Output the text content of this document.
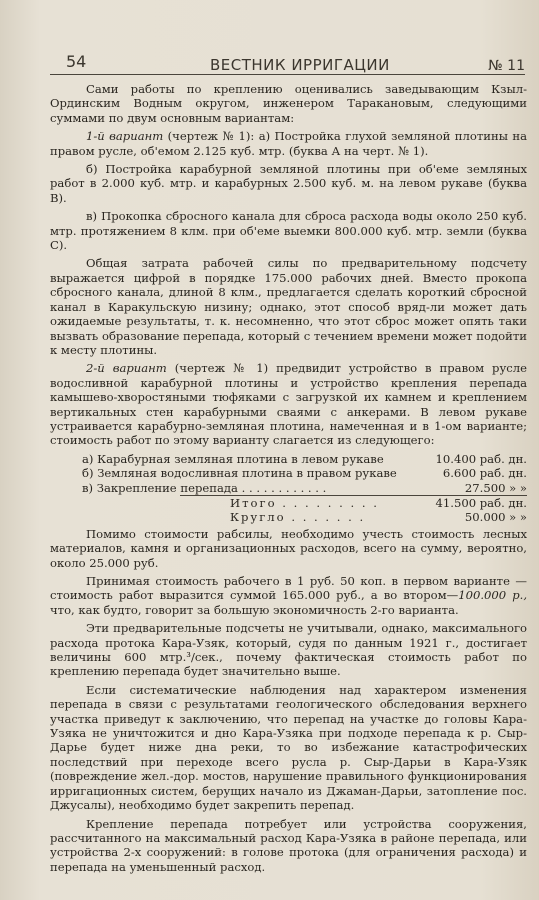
54	ВЕСТНИК ИРРИГАЦИИ	№ 11

Сами работы по креплению оценивались заведывающим Кзыл-Ординским Водным округом, инженером Таракановым, следующими суммами по двум основным вариантам:

1-й вариант (чертеж № 1): а) Постройка глухой земляной плотины на правом русле, об'емом 2.125 куб. мтр. (буква А на черт. № 1).

б) Постройка карабурной земляной плотины при об'еме земляных работ в 2.000 куб. мтр. и карабурных 2.500 куб. м. на левом рукаве (буква В).

в) Прокопка сбросного канала для сброса расхода воды около 250 куб. мтр. протяжением 8 клм. при об'еме выемки 800.000 куб. мтр. земли (буква С).

Общая затрата рабочей силы по предварительному подсчету выражается цифрой в порядке 175.000 рабочих дней. Вместо прокопа сбросного канала, длиной 8 клм., предлагается сделать короткий сбросной канал в Каракульскую низину; однако, этот способ вряд-ли может дать ожидаемые результаты, т. к. несомненно, что этот сброс может опять таки вызвать образование перепада, который с течением времени может подойти к месту плотины.

2-й вариант (чертеж № 1) предвидит устройство в правом русле водосливной карабурной плотины и устройство крепления перепада камышево-хворостяными тюфяками с загрузкой их камнем и креплением вертикальных стен карабурными сваями с анкерами. В левом рукаве устраивается карабурно-земляная плотина, намеченная и в 1-ом варианте; стоимость работ по этому варианту слагается из следующего:

а) Карабурная земляная плотина в левом рукаве	10.400 раб. дн.
б) Земляная водосливная плотина в правом рукаве	6.600 раб. дн.
в) Закрепление перепада . . . . . . . . . . . .	27.500 » »
Итого . . . . . . . . .	41.500 раб. дн.
Кругло . . . . . . .	50.000 » »

Помимо стоимости рабсилы, необходимо учесть стоимость лесных материалов, камня и организационных расходов, всего на сумму, вероятно, около 25.000 руб.

Принимая стоимость рабочего в 1 руб. 50 коп. в первом варианте — стоимость работ выразится суммой 165.000 руб., а во втором—100.000 р., что, как будто, говорит за большую экономичность 2-го варианта.

Эти предварительные подсчеты не учитывали, однако, максимального расхода протока Кара-Узяк, который, судя по данным 1921 г., достигает величины 600 мтр.³/сек., почему фактическая стоимость работ по креплению перепада будет значительно выше.

Если систематические наблюдения над характером изменения перепада в связи с результатами геологического обследования верхнего участка приведут к заключению, что перепад на участке до головы Кара-Узяка не уничтожится и дно Кара-Узяка при подходе перепада к р. Сыр-Дарье будет ниже дна реки, то во избежание катастрофических последствий при переходе всего русла р. Сыр-Дарьи в Кара-Узяк (повреждение жел.-дор. мостов, нарушение правильного функционирования ирригационных систем, берущих начало из Джаман-Дарьи, затопление пос. Джусалы), необходимо будет закрепить перепад.

Крепление перепада потребует или устройства сооружения, рассчитанного на максимальный расход Кара-Узяка в районе перепада, или устройства 2-х сооружений: в голове протока (для ограничения расхода) и перепада на уменьшенный расход.
